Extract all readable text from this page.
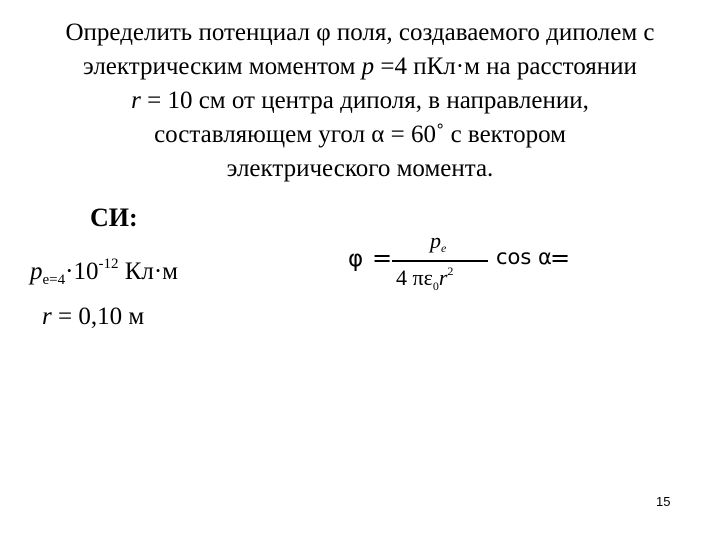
Определить потенциал φ поля, создаваемого диполем с
электрическим моментом p =4 пКл·м на расстоянии
r = 10 см от центра диполя, в направлении,
составляющем угол α = 60˚ с вектором
электрического момента.
СИ:
$p_{e=4}\cdot 10^{-12}$ Кл·м
r = 0,10 м
φ =
$p_e$
4 $\pi\varepsilon_0r^2$
cos α
=
15
